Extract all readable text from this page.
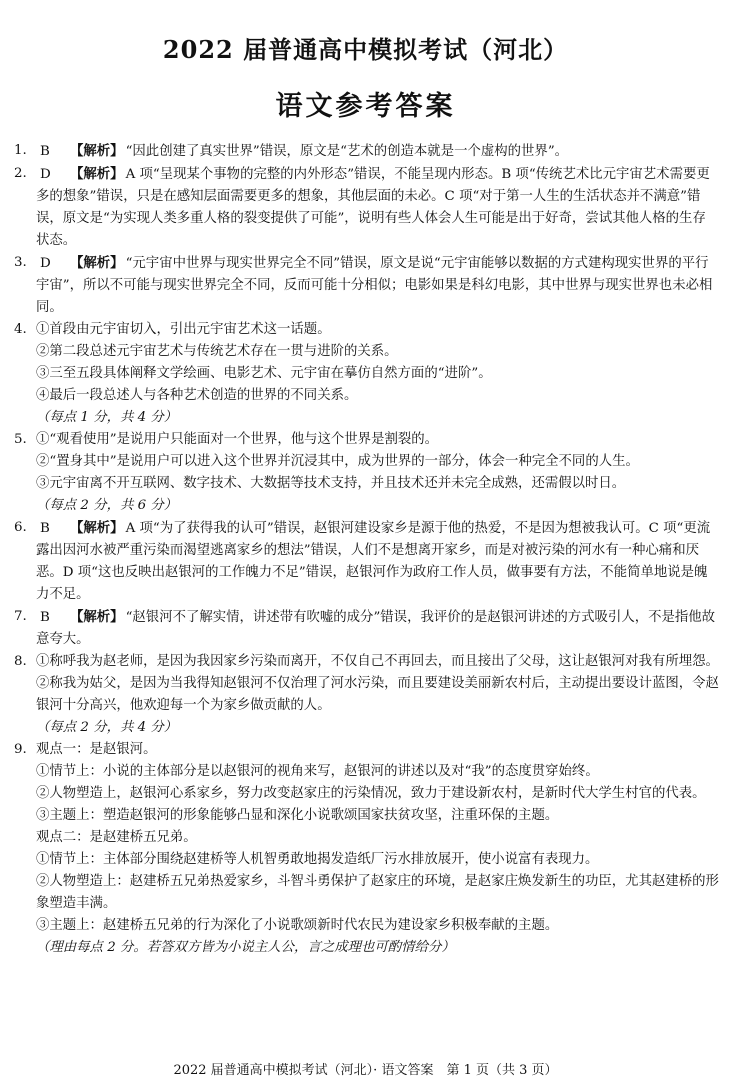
2022 届普通高中模拟考试（河北）
语文参考答案
1. B 【解析】 “因此创建了真实世界”错误，原文是“艺术的创造本就是一个虚构的世界”。
2. D 【解析】 A 项“呈现某个事物的完整的内外形态”错误，不能呈现内形态。B 项“传统艺术比元宇宙艺术需要更多的想象”错误，只是在感知层面需要更多的想象，其他层面的未必。C 项“对于第一人生的生活状态并不满意”错误，原文是“为实现人类多重人格的裂变提供了可能”，说明有些人体会人生可能是出于好奇，尝试其他人格的生存状态。
3. D 【解析】 “元宇宙中世界与现实世界完全不同”错误，原文是说“元宇宙能够以数据的方式建构现实世界的平行宇宙”，所以不可能与现实世界完全不同，反而可能十分相似；电影如果是科幻电影，其中世界与现实世界也未必相同。
4. ①首段由元宇宙切入，引出元宇宙艺术这一话题。
②第二段总述元宇宙艺术与传统艺术存在一贯与进阶的关系。
③三至五段具体阐释文学绘画、电影艺术、元宇宙在摹仿自然方面的“进阶”。
④最后一段总述人与各种艺术创造的世界的不同关系。
（每点 1 分，共 4 分）
5. ①“观看使用”是说用户只能面对一个世界，他与这个世界是割裂的。
②“置身其中”是说用户可以进入这个世界并沉浸其中，成为世界的一部分，体会一种完全不同的人生。
③元宇宙离不开互联网、数字技术、大数据等技术支持，并且技术还并未完全成熟，还需假以时日。
（每点 2 分，共 6 分）
6. B 【解析】 A 项“为了获得我的认可”错误，赵银河建设家乡是源于他的热爱，不是因为想被我认可。C 项“更流露出因河水被严重污染而渴望逃离家乡的想法”错误，人们不是想离开家乡，而是对被污染的河水有一种心痛和厌恶。D 项“这也反映出赵银河的工作魄力不足”错误，赵银河作为政府工作人员，做事要有方法，不能简单地说是魄力不足。
7. B 【解析】 “赵银河不了解实情，讲述带有吹嘘的成分”错误，我评价的是赵银河讲述的方式吸引人，不是指他故意夸大。
8. ①称呼我为赵老师，是因为我因家乡污染而离开，不仅自己不再回去，而且接出了父母，这让赵银河对我有所埋怨。
②称我为姑父，是因为当我得知赵银河不仅治理了河水污染，而且要建设美丽新农村后，主动提出要设计蓝图，令赵银河十分高兴，他欢迎每一个为家乡做贡献的人。
（每点 2 分，共 4 分）
9. 观点一：是赵银河。
①情节上：小说的主体部分是以赵银河的视角来写，赵银河的讲述以及对“我”的态度贯穿始终。
②人物塑造上，赵银河心系家乡，努力改变赵家庄的污染情况，致力于建设新农村，是新时代大学生村官的代表。
③主题上：塑造赵银河的形象能够凸显和深化小说歌颂国家扶贫攻坚，注重环保的主题。
观点二：是赵建桥五兄弟。
①情节上：主体部分围绕赵建桥等人机智勇敢地揭发造纸厂污水排放展开，使小说富有表现力。
②人物塑造上：赵建桥五兄弟热爱家乡，斗智斗勇保护了赵家庄的环境，是赵家庄焕发新生的功臣，尤其赵建桥的形象塑造丰满。
③主题上：赵建桥五兄弟的行为深化了小说歌颂新时代农民为建设家乡积极奉献的主题。
（理由每点 2 分。若答双方皆为小说主人公，言之成理也可酌情给分）
2022 届普通高中模拟考试（河北）· 语文答案　第 1 页（共 3 页）
